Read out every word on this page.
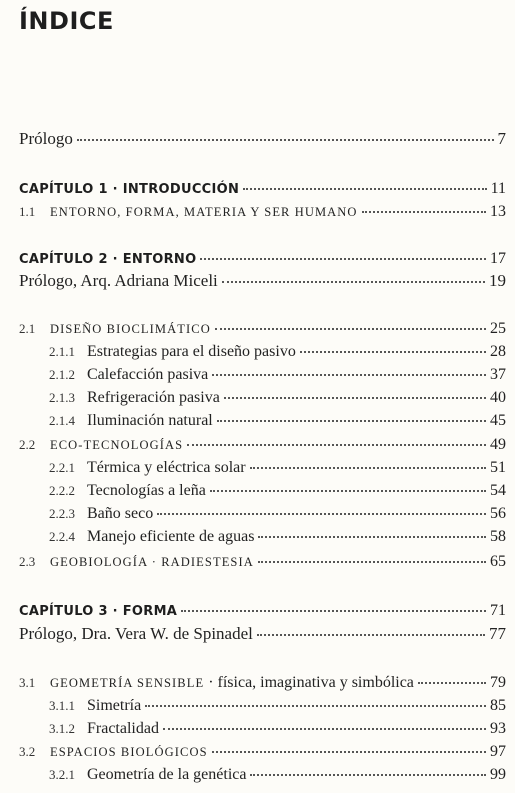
ÍNDICE
Prólogo	7
CAPÍTULO 1 · INTRODUCCIÓN	11
1.1	ENTORNO, FORMA, MATERIA Y SER HUMANO	13
CAPÍTULO 2 · ENTORNO	17
Prólogo, Arq. Adriana Miceli	19
2.1	DISEÑO BIOCLIMÁTICO	25
2.1.1 Estrategias para el diseño pasivo	28
2.1.2 Calefacción pasiva	37
2.1.3 Refrigeración pasiva	40
2.1.4 Iluminación natural	45
2.2	ECO-TECNOLOGÍAS	49
2.2.1 Térmica y eléctrica solar	51
2.2.2 Tecnologías a leña	54
2.2.3 Baño seco	56
2.2.4 Manejo eficiente de aguas	58
2.3	GEOBIOLOGÍA · RADIESTESIA	65
CAPÍTULO 3 · FORMA	71
Prólogo, Dra. Vera W. de Spinadel	77
3.1	GEOMETRÍA SENSIBLE · física, imaginativa y simbólica	79
3.1.1 Simetría	85
3.1.2 Fractalidad	93
3.2	ESPACIOS BIOLÓGICOS	97
3.2.1 Geometría de la genética	99
